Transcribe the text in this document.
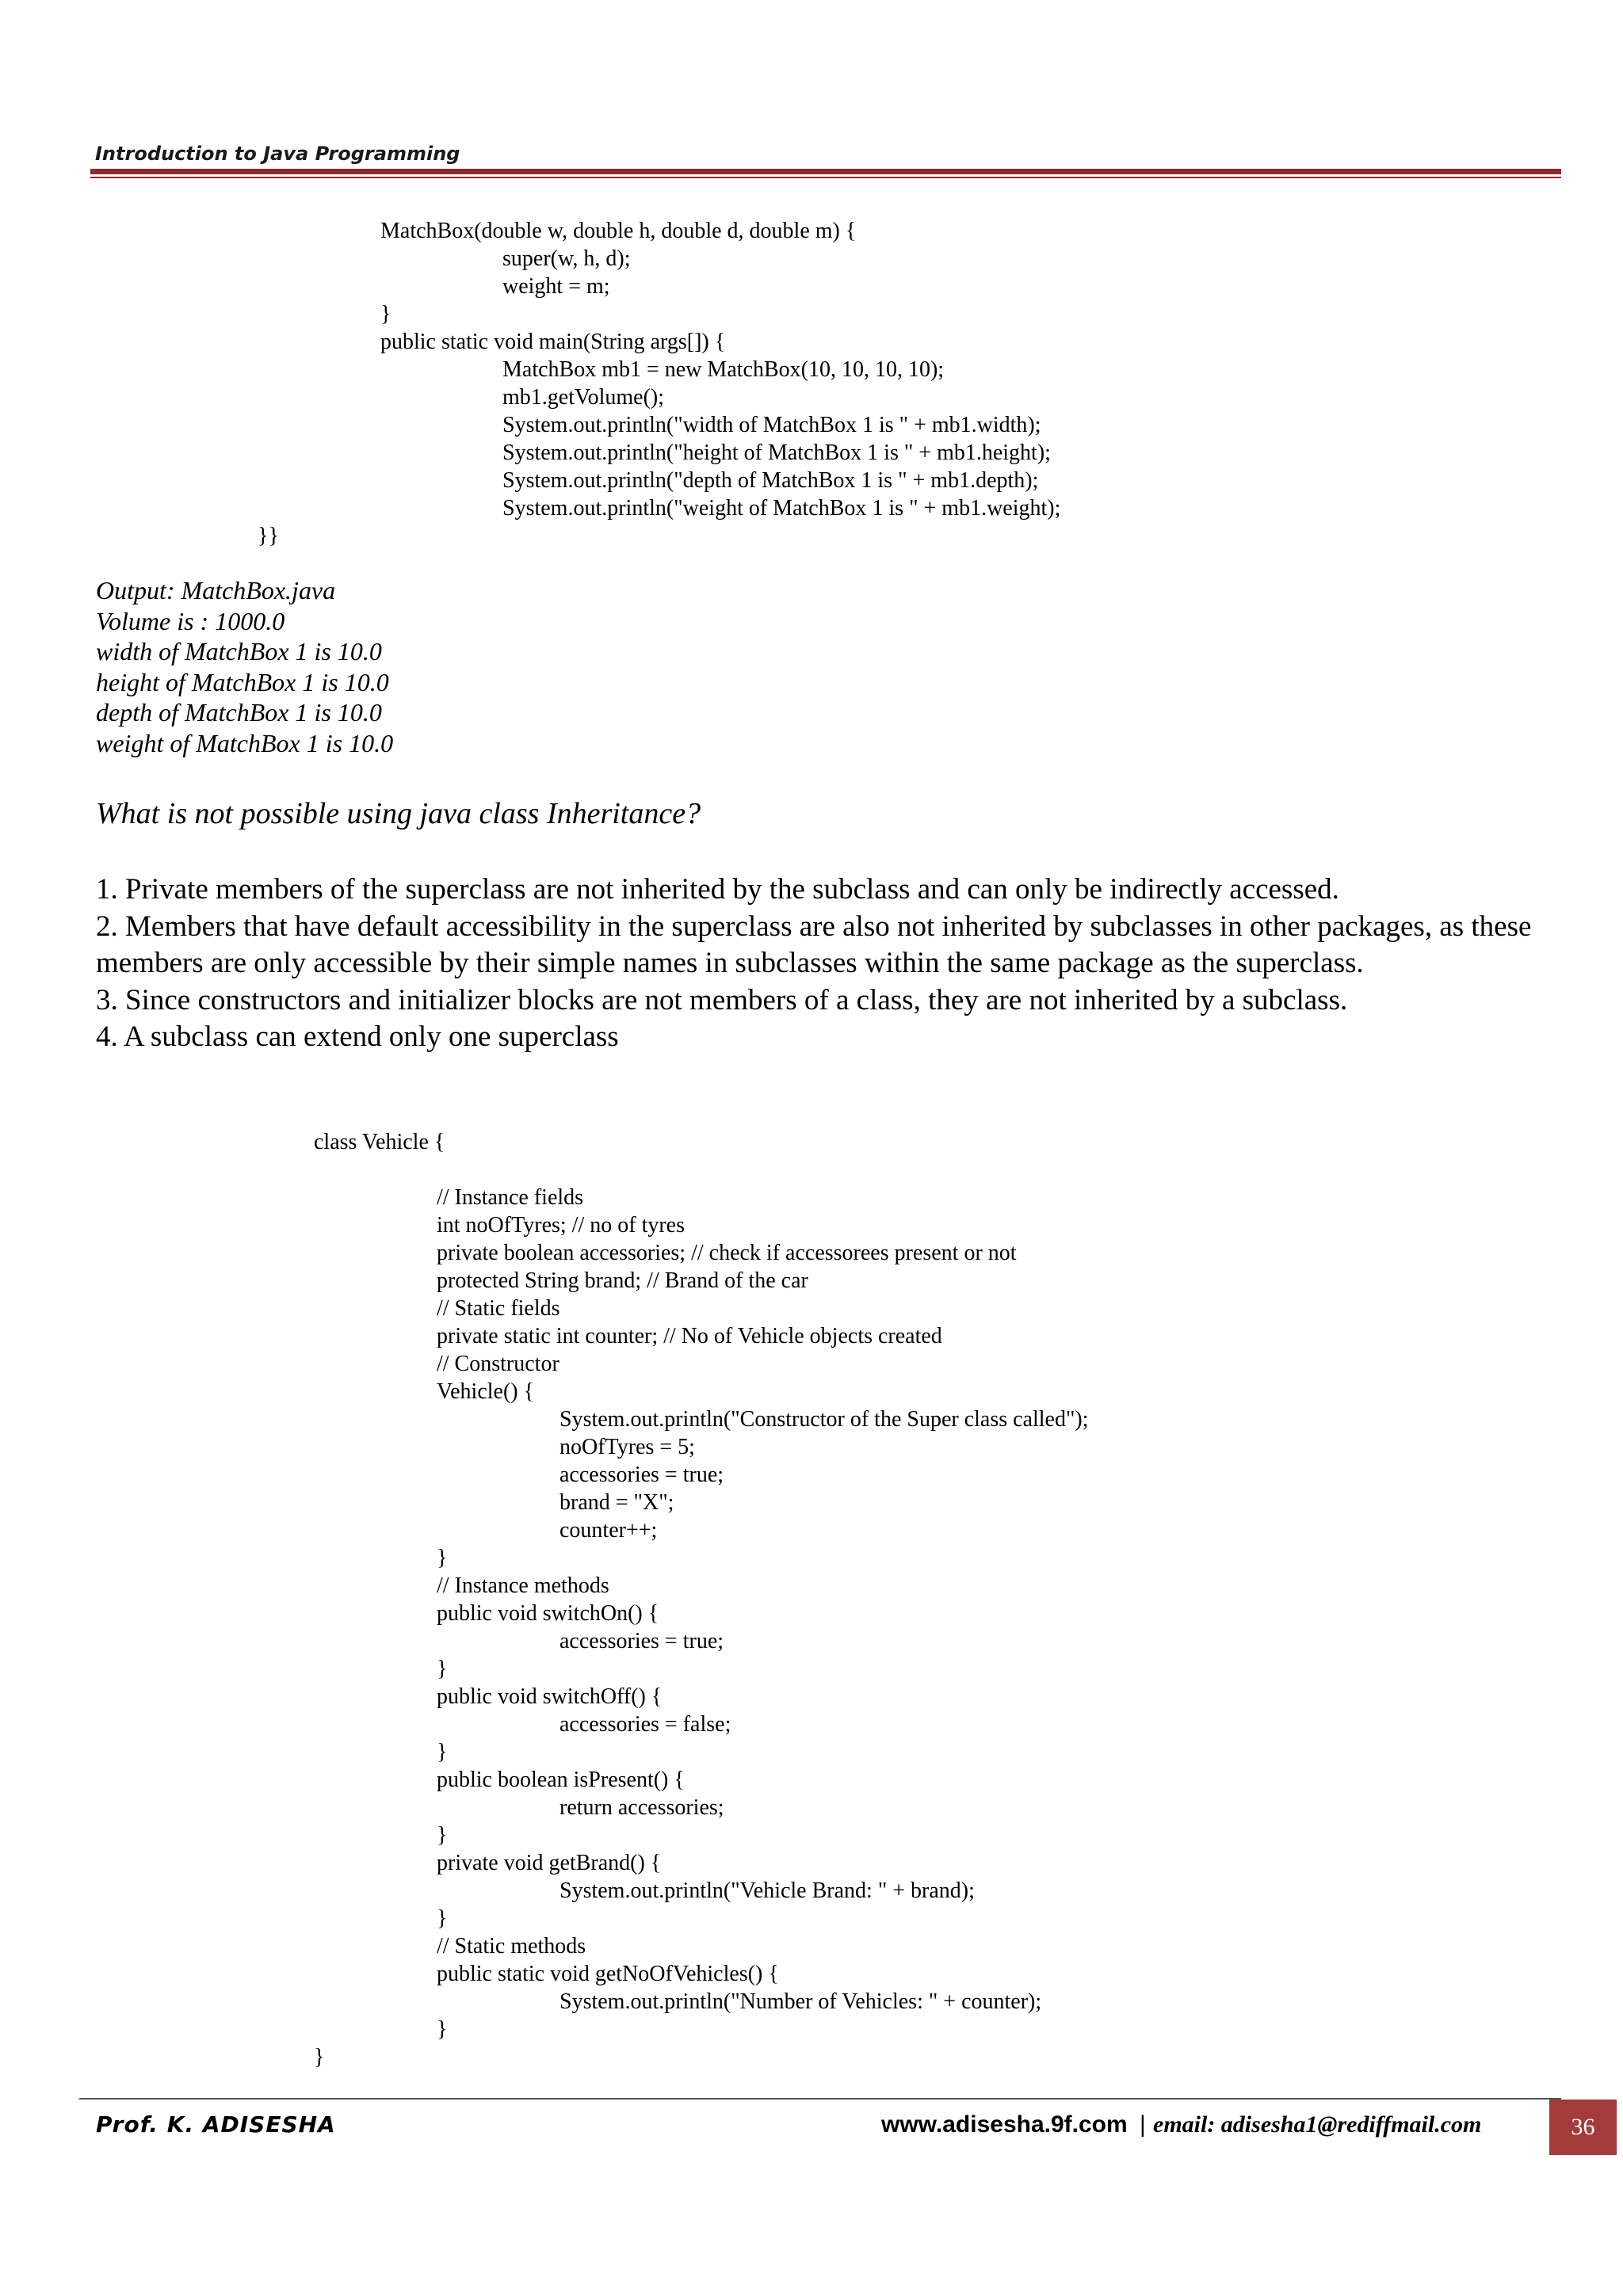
Introduction to Java Programming
MatchBox(double w, double h, double d, double m) {
super(w, h, d);
weight = m;
}
public static void main(String args[]) {
MatchBox mb1 = new MatchBox(10, 10, 10, 10);
mb1.getVolume();
System.out.println("width of MatchBox 1 is " + mb1.width);
System.out.println("height of MatchBox 1 is " + mb1.height);
System.out.println("depth of MatchBox 1 is " + mb1.depth);
System.out.println("weight of MatchBox 1 is " + mb1.weight);
}}
Output: MatchBox.java
Volume is : 1000.0
width of MatchBox 1 is 10.0
height of MatchBox 1 is 10.0
depth of MatchBox 1 is 10.0
weight of MatchBox 1 is 10.0
What is not possible using java class Inheritance?
1. Private members of the superclass are not inherited by the subclass and can only be indirectly accessed.
2. Members that have default accessibility in the superclass are also not inherited by subclasses in other packages, as these members are only accessible by their simple names in subclasses within the same package as the superclass.
3. Since constructors and initializer blocks are not members of a class, they are not inherited by a subclass.
4. A subclass can extend only one superclass
class Vehicle {
// Instance fields
int noOfTyres; // no of tyres
private boolean accessories; // check if accessorees present or not
protected String brand; // Brand of the car
// Static fields
private static int counter; // No of Vehicle objects created
// Constructor
Vehicle() {
System.out.println("Constructor of the Super class called");
noOfTyres = 5;
accessories = true;
brand = "X";
counter++;
}
// Instance methods
public void switchOn() {
accessories = true;
}
public void switchOff() {
accessories = false;
}
public boolean isPresent() {
return accessories;
}
private void getBrand() {
System.out.println("Vehicle Brand: " + brand);
}
// Static methods
public static void getNoOfVehicles() {
System.out.println("Number of Vehicles: " + counter);
}
}
Prof. K. ADISESHA	www.adisesha.9f.com | email: adisesha1@rediffmail.com	36
